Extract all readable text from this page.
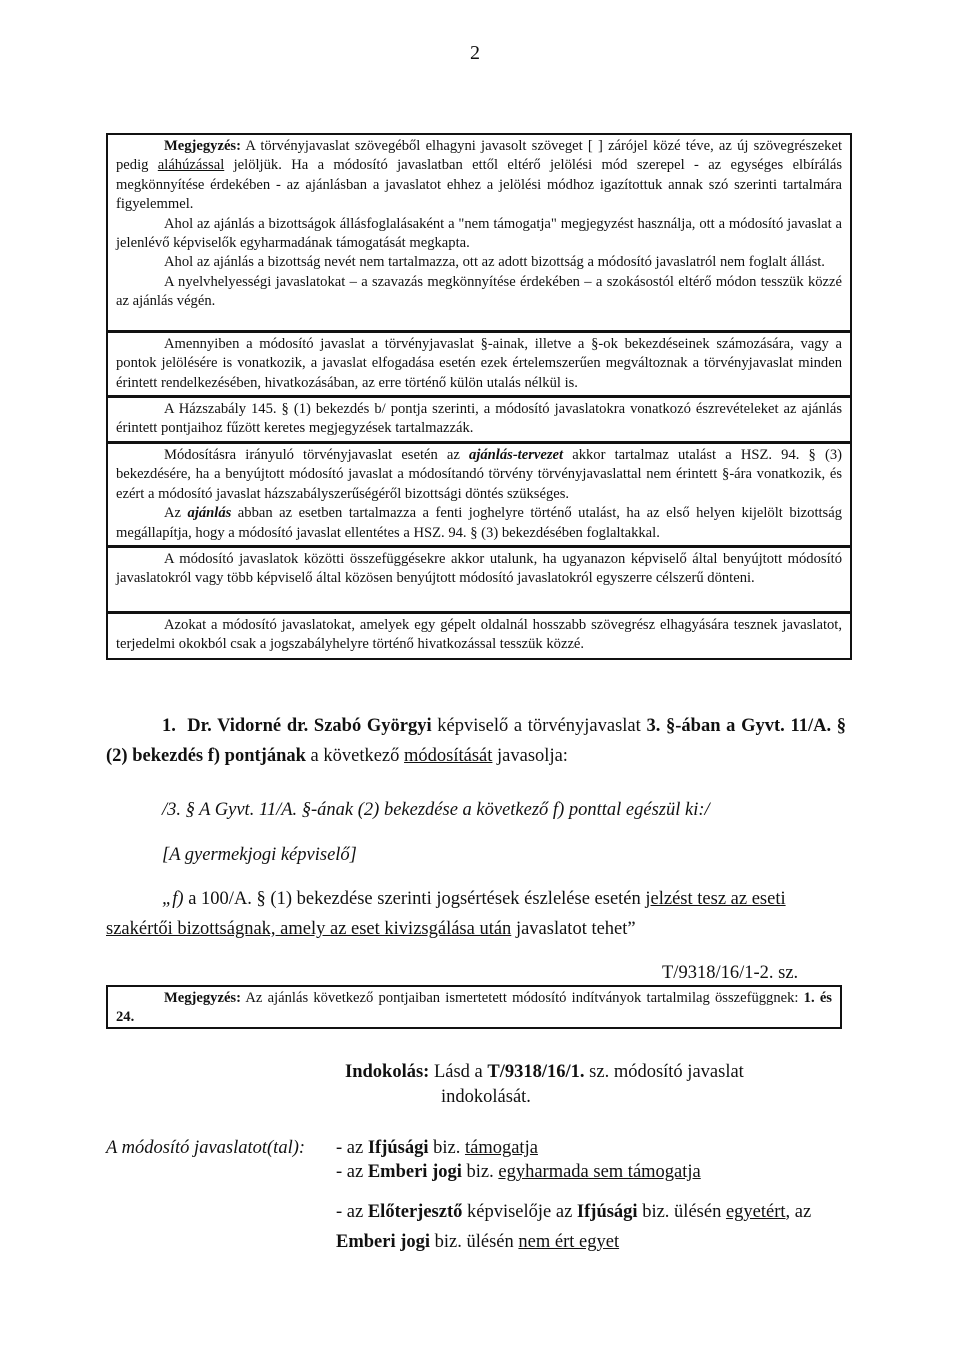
2

Megjegyzés: A törvényjavaslat szövegéből elhagyni javasolt szöveget [ ] zárójel közé téve, az új szövegrészeket pedig aláhúzással jelöljük. Ha a módosító javaslatban ettől eltérő jelölési mód szerepel - az egységes elbírálás megkönnyítése érdekében - az ajánlásban a javaslatot ehhez a jelölési módhoz igazítottuk annak szó szerinti tartalmára figyelemmel.

Ahol az ajánlás a bizottságok állásfoglalásaként a "nem támogatja" megjegyzést használja, ott a módosító javaslat a jelenlévő képviselők egyharmadának támogatását megkapta.

Ahol az ajánlás a bizottság nevét nem tartalmazza, ott az adott bizottság a módosító javaslatról nem foglalt állást.

A nyelvhelyességi javaslatokat – a szavazás megkönnyítése érdekében – a szokásostól eltérő módon tesszük közzé az ajánlás végén.

Amennyiben a módosító javaslat a törvényjavaslat §-ainak, illetve a §-ok bekezdéseinek számozására, vagy a pontok jelölésére is vonatkozik, a javaslat elfogadása esetén ezek értelemszerűen megváltoznak a törvényjavaslat minden érintett rendelkezésében, hivatkozásában, az erre történő külön utalás nélkül is.

A Házszabály 145. § (1) bekezdés b/ pontja szerinti, a módosító javaslatokra vonatkozó észrevételeket az ajánlás érintett pontjaihoz fűzött keretes megjegyzések tartalmazzák.

Módosításra irányuló törvényjavaslat esetén az ajánlás-tervezet akkor tartalmaz utalást a HSZ. 94. § (3) bekezdésére, ha a benyújtott módosító javaslat a módosítandó törvény törvényjavaslattal nem érintett §-ára vonatkozik, és ezért a módosító javaslat házszabályszerűségéről bizottsági döntés szükséges.

Az ajánlás abban az esetben tartalmazza a fenti joghelyre történő utalást, ha az első helyen kijelölt bizottság megállapítja, hogy a módosító javaslat ellentétes a HSZ. 94. § (3) bekezdésében foglaltakkal.

A módosító javaslatok közötti összefüggésekre akkor utalunk, ha ugyanazon képviselő által benyújtott módosító javaslatokról vagy több képviselő által közösen benyújtott módosító javaslatokról egyszerre célszerű dönteni.

Azokat a módosító javaslatokat, amelyek egy gépelt oldalnál hosszabb szövegrész elhagyására tesznek javaslatot, terjedelmi okokból csak a jogszabályhelyre történő hivatkozással tesszük közzé.

1. Dr. Vidorné dr. Szabó Györgyi képviselő a törvényjavaslat 3. §-ában a Gyvt. 11/A. § (2) bekezdés f) pontjának a következő módosítását javasolja:
/3. § A Gyvt. 11/A. §-ának (2) bekezdése a következő f) ponttal egészül ki:/
[A gyermekjogi képviselő]
„f) a 100/A. § (1) bekezdése szerinti jogsértések észlelése esetén jelzést tesz az eseti szakértői bizottságnak, amely az eset kivizsgálása után javaslatot tehet”
T/9318/16/1-2. sz.

Megjegyzés: Az ajánlás következő pontjaiban ismertetett módosító indítványok tartalmilag összefüggnek: 1. és 24.

Indokolás: Lásd a T/9318/16/1. sz. módosító javaslat
indokolását.
A módosító javaslatot(tal): - az Ifjúsági biz. támogatja
- az Emberi jogi biz. egyharmada sem támogatja
- az Előterjesztő képviselője az Ifjúsági biz. ülésén egyetért, az
Emberi jogi biz. ülésén nem ért egyet
